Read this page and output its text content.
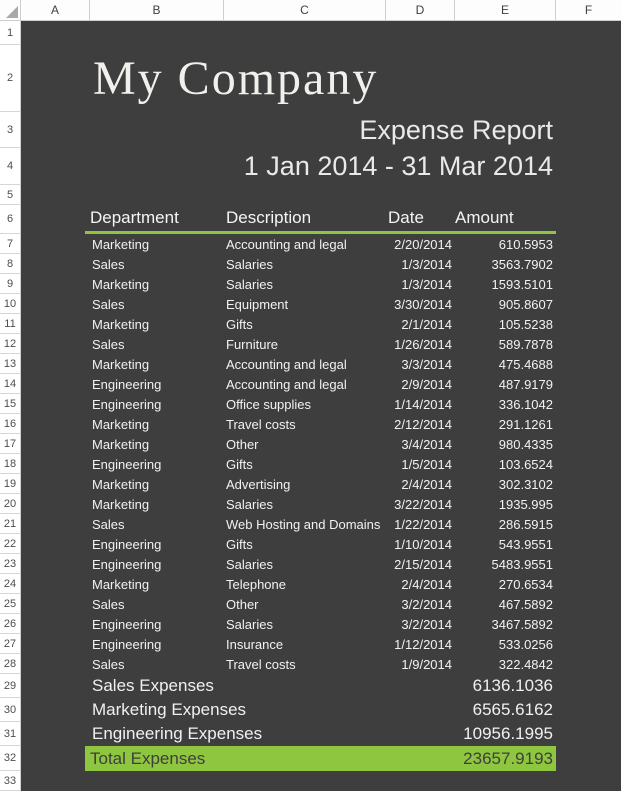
A	B	C	D	E	F
1
2
3
4
5
6
7
8
9
10
11
12
13
14
15
16
17
18
19
20
21
22
23
24
25
26
27
28
29
30
31
32
33
My Company
Expense Report
1 Jan 2014 - 31 Mar 2014
Department	Description	Date	Amount
Marketing	Accounting and legal	2/20/2014	610.5953
Sales	Salaries	1/3/2014	3563.7902
Marketing	Salaries	1/3/2014	1593.5101
Sales	Equipment	3/30/2014	905.8607
Marketing	Gifts	2/1/2014	105.5238
Sales	Furniture	1/26/2014	589.7878
Marketing	Accounting and legal	3/3/2014	475.4688
Engineering	Accounting and legal	2/9/2014	487.9179
Engineering	Office supplies	1/14/2014	336.1042
Marketing	Travel costs	2/12/2014	291.1261
Marketing	Other	3/4/2014	980.4335
Engineering	Gifts	1/5/2014	103.6524
Marketing	Advertising	2/4/2014	302.3102
Marketing	Salaries	3/22/2014	1935.995
Sales	Web Hosting and Domains	1/22/2014	286.5915
Engineering	Gifts	1/10/2014	543.9551
Engineering	Salaries	2/15/2014	5483.9551
Marketing	Telephone	2/4/2014	270.6534
Sales	Other	3/2/2014	467.5892
Engineering	Salaries	3/2/2014	3467.5892
Engineering	Insurance	1/12/2014	533.0256
Sales	Travel costs	1/9/2014	322.4842
Sales Expenses	6136.1036
Marketing Expenses	6565.6162
Engineering Expenses	10956.1995
Total Expenses	23657.9193
